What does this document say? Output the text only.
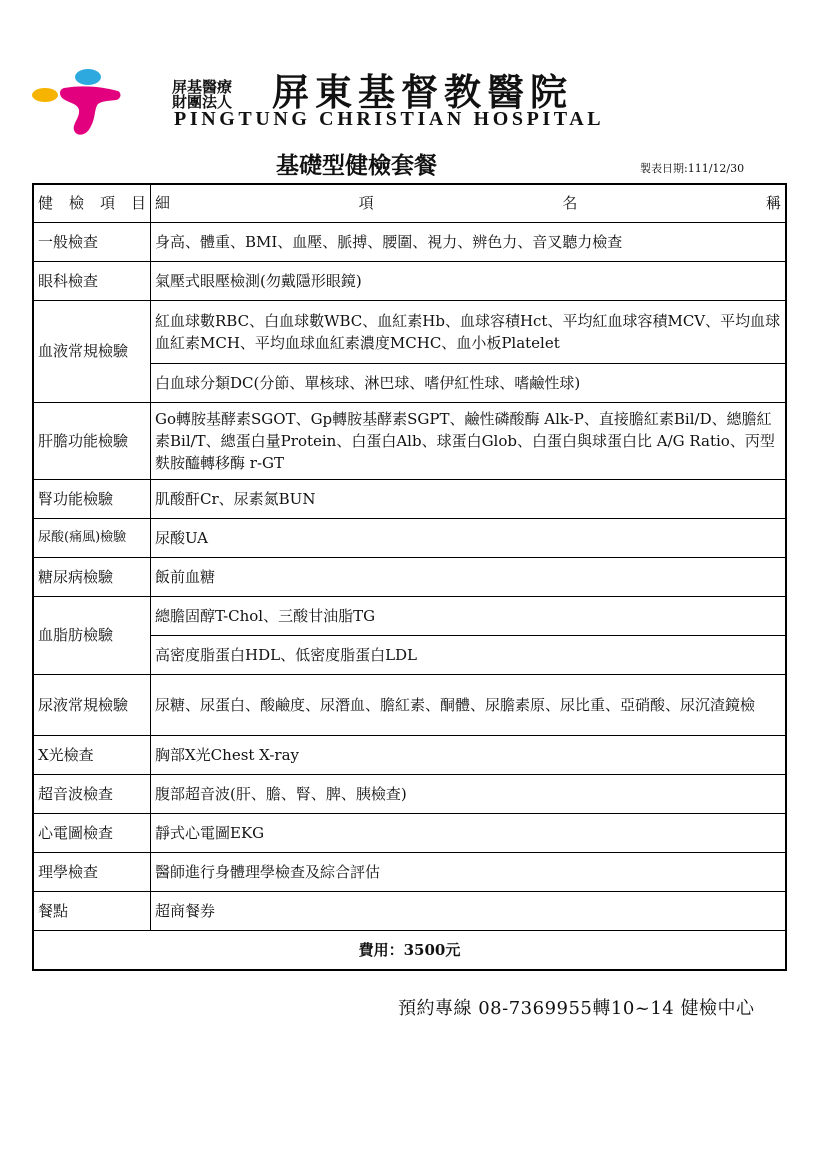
屏基醫療
財團法人	屏東基督教醫院
PINGTUNG CHRISTIAN HOSPITAL
基礎型健檢套餐	製表日期:111/12/30
健 檢 項 目	細 項 名 稱

一般檢查	身高、體重、BMI、血壓、脈搏、腰圍、視力、辨色力、音叉聽力檢查
眼科檢查	氣壓式眼壓檢測(勿戴隱形眼鏡)
血液常規檢驗	紅血球數RBC、白血球數WBC、血紅素Hb、血球容積Hct、平均紅血球容積MCV、平均血球血紅素MCH、平均血球血紅素濃度MCHC、血小板Platelet
	白血球分類DC(分節、單核球、淋巴球、嗜伊紅性球、嗜鹼性球)
肝膽功能檢驗	Go轉胺基酵素SGOT、Gp轉胺基酵素SGPT、鹼性磷酸酶 Alk-P、直接膽紅素Bil/D、總膽紅素Bil/T、總蛋白量Protein、白蛋白Alb、球蛋白Glob、白蛋白與球蛋白比 A/G Ratio、丙型麩胺醯轉移酶 r-GT
腎功能檢驗	肌酸酐Cr、尿素氮BUN
尿酸(痛風)檢驗	尿酸UA
糖尿病檢驗	飯前血糖
血脂肪檢驗	總膽固醇T-Chol、三酸甘油脂TG
	高密度脂蛋白HDL、低密度脂蛋白LDL
尿液常規檢驗	尿糖、尿蛋白、酸鹼度、尿潛血、膽紅素、酮體、尿膽素原、尿比重、亞硝酸、尿沉渣鏡檢
X光檢查	胸部X光Chest X-ray
超音波檢查	腹部超音波(肝、膽、腎、脾、胰檢查)
心電圖檢查	靜式心電圖EKG
理學檢查	醫師進行身體理學檢查及綜合評估
餐點	超商餐券
費用：3500元	
預約專線 08-7369955轉10~14 健檢中心
